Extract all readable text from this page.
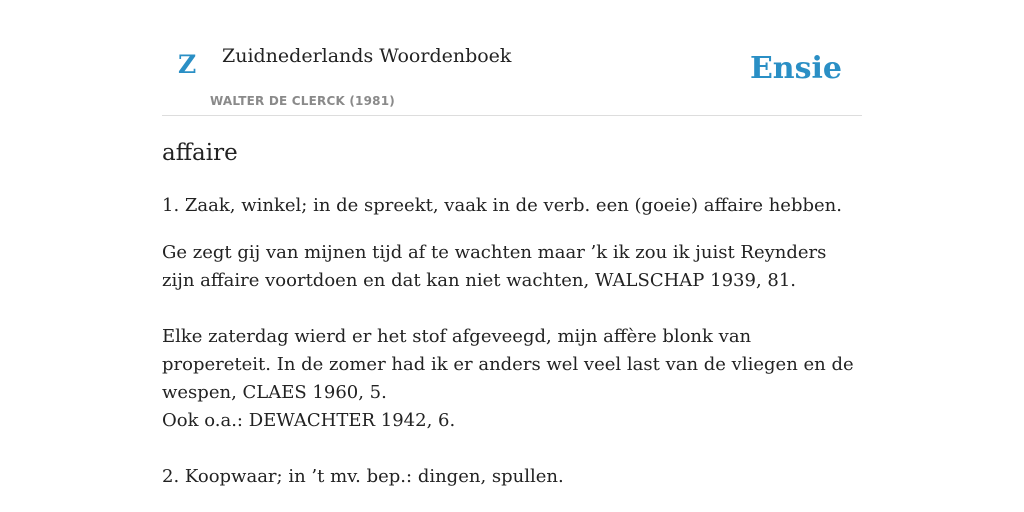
Z Zuidnederlands Woordenboek
WALTER DE CLERCK (1981)
Ensie
affaire

1. Zaak, winkel; in de spreekt, vaak in de verb. een (goeie) affaire hebben.

Ge zegt gij van mijnen tijd af te wachten maar ’k ik zou ik juist Reynders zijn affaire voortdoen en dat kan niet wachten, WALSCHAP 1939, 81.

Elke zaterdag wierd er het stof afgeveegd, mijn affère blonk van propereteit. In de zomer had ik er anders wel veel last van de vliegen en de wespen, CLAES 1960, 5.

Ook o.a.: DEWACHTER 1942, 6.

2. Koopwaar; in ’t mv. bep.: dingen, spullen.
